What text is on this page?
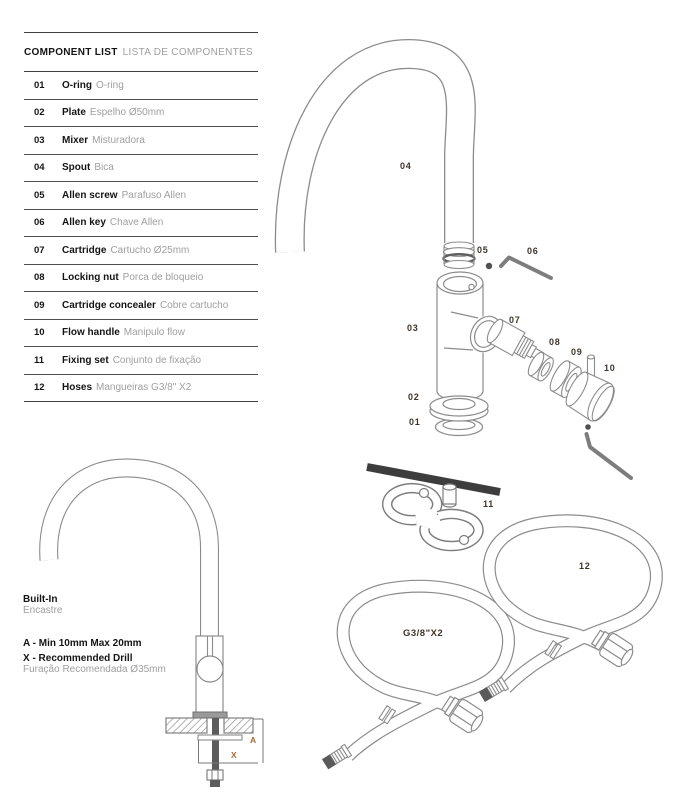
COMPONENT LIST LISTA DE COMPONENTES
01	O-ring O-ring
02	Plate Espelho Ø50mm
03	Mixer Misturadora
04	Spout Bica
05	Allen screw Parafuso Allen
06	Allen key Chave Allen
07	Cartridge Cartucho Ø25mm
08	Locking nut Porca de bloqueio
09	Cartridge concealer Cobre cartucho
10	Flow handle Manipulo flow
11	Fixing set Conjunto de fixação
12	Hoses Mangueiras G3/8" X2
Built-In
Encastre
A - Min 10mm Max 20mm
X - Recommended Drill
Furação Recomendada Ø35mm
04
05	06
03
07
08
09
10
02
01
11
12
G3/8"X2
A
X
